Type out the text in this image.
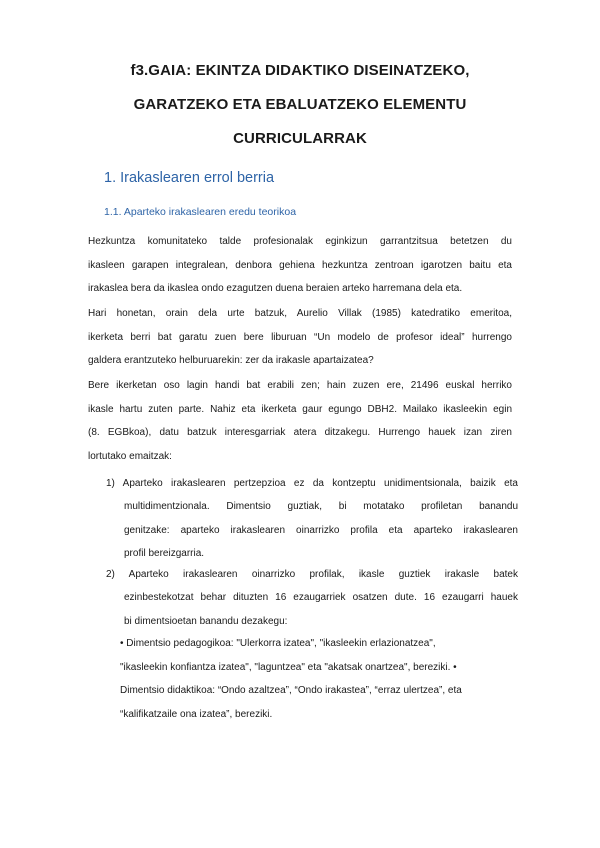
f3.GAIA: EKINTZA DIDAKTIKO DISEINATZEKO,
GARATZEKO ETA EBALUATZEKO ELEMENTU
CURRICULARRAK
1. Irakaslearen errol berria
1.1. Aparteko irakaslearen eredu teorikoa
Hezkuntza komunitateko talde profesionalak eginkizun garrantzitsua betetzen du
ikasleen garapen integralean, denbora gehiena hezkuntza zentroan igarotzen baitu eta
irakaslea bera da ikaslea ondo ezagutzen duena beraien arteko harremana dela eta.
Hari honetan, orain dela urte batzuk, Aurelio Villak (1985) katedratiko emeritoa,
ikerketa berri bat garatu zuen bere liburuan “Un modelo de profesor ideal” hurrengo
galdera erantzuteko helburuarekin: zer da irakasle apartaizatea?
Bere ikerketan oso lagin handi bat erabili zen; hain zuzen ere, 21496 euskal herriko
ikasle hartu zuten parte. Nahiz eta ikerketa gaur egungo DBH2. Mailako ikasleekin egin
(8. EGBkoa), datu batzuk interesgarriak atera ditzakegu. Hurrengo hauek izan ziren
lortutako emaitzak:
1) Aparteko irakaslearen pertzepzioa ez da kontzeptu unidimentsionala, baizik eta
multidimentzionala. Dimentsio guztiak, bi motatako profiletan banandu
genitzake: aparteko irakaslearen oinarrizko profila eta aparteko irakaslearen
profil bereizgarria.
2) Aparteko irakaslearen oinarrizko profilak, ikasle guztiek irakasle batek
ezinbestekotzat behar dituzten 16 ezaugarriek osatzen dute. 16 ezaugarri hauek
bi dimentsioetan banandu dezakegu:
• Dimentsio pedagogikoa: "Ulerkorra izatea", "ikasleekin erlazionatzea",
"ikasleekin konfiantza izatea", "laguntzea" eta "akatsak onartzea", bereziki. •
Dimentsio didaktikoa: “Ondo azaltzea”, “Ondo irakastea”, “erraz ulertzea”, eta
“kalifikatzaile ona izatea”, bereziki.
